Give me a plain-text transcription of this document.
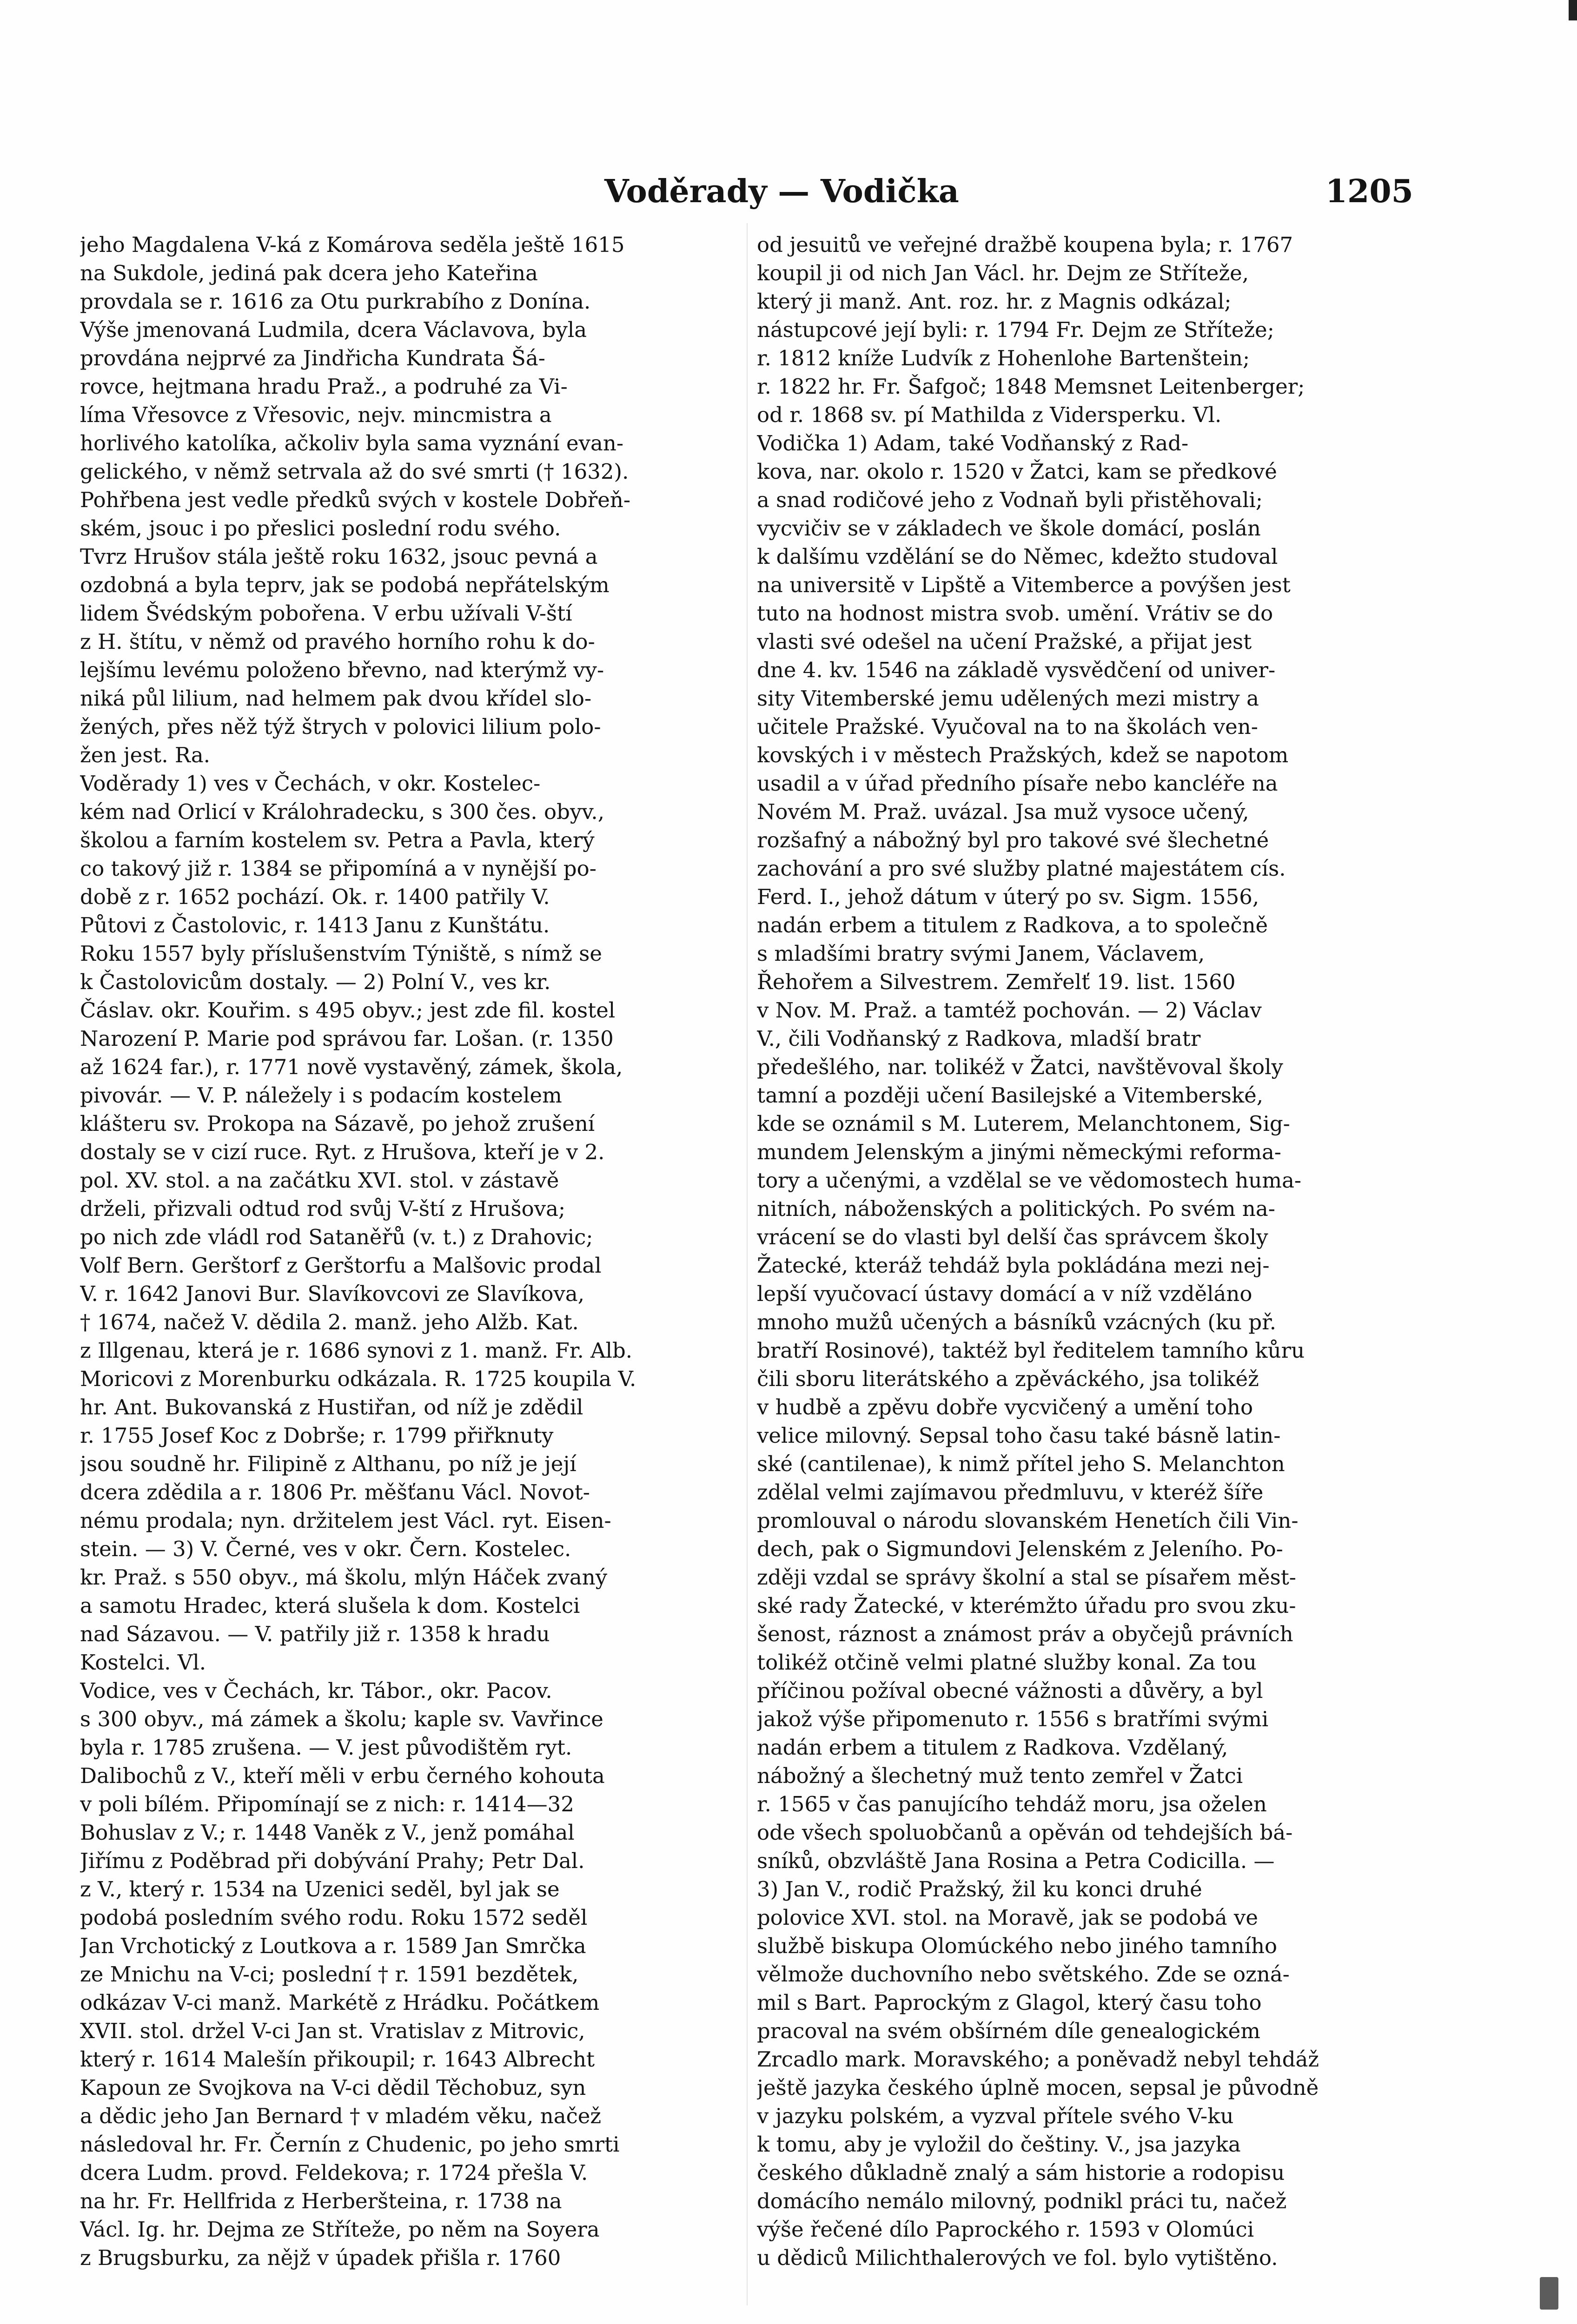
Voděrady — Vodička	1205
jeho Magdalena V-ká z Komárova seděla ještě 1615
na Sukdole, jediná pak dcera jeho Kateřina
provdala se r. 1616 za Otu purkrabího z Donína.
Výše jmenovaná Ludmila, dcera Václavova, byla
provdána nejprvé za Jindřicha Kundrata Šá-
rovce, hejtmana hradu Praž., a podruhé za Vi-
líma Vřesovce z Vřesovic, nejv. mincmistra a
horlivého katolíka, ačkoliv byla sama vyznání evan-
gelického, v němž setrvala až do své smrti († 1632).
Pohřbena jest vedle předků svých v kostele Dobřeň-
ském, jsouc i po přeslici poslední rodu svého.
Tvrz Hrušov stála ještě roku 1632, jsouc pevná a
ozdobná a byla teprv, jak se podobá nepřátelským
lidem Švédským pobořena. V erbu užívali V-ští
z H. štítu, v němž od pravého horního rohu k do-
lejšímu levému položeno břevno, nad kterýmž vy-
niká půl lilium, nad helmem pak dvou křídel slo-
žených, přes něž týž štrych v polovici lilium polo-
žen jest. Ra.
Voděrady 1) ves v Čechách, v okr. Kostelec-
kém nad Orlicí v Králohradecku, s 300 čes. obyv.,
školou a farním kostelem sv. Petra a Pavla, který
co takový již r. 1384 se připomíná a v nynější po-
době z r. 1652 pochází. Ok. r. 1400 patřily V.
Půtovi z Častolovic, r. 1413 Janu z Kunštátu.
Roku 1557 byly příslušenstvím Týniště, s nímž se
k Častolovicům dostaly. — 2) Polní V., ves kr.
Čáslav. okr. Kouřim. s 495 obyv.; jest zde fil. kostel
Narození P. Marie pod správou far. Lošan. (r. 1350
až 1624 far.), r. 1771 nově vystavěný, zámek, škola,
pivovár. — V. P. náležely i s podacím kostelem
klášteru sv. Prokopa na Sázavě, po jehož zrušení
dostaly se v cizí ruce. Ryt. z Hrušova, kteří je v 2.
pol. XV. stol. a na začátku XVI. stol. v zástavě
drželi, přizvali odtud rod svůj V-ští z Hrušova;
po nich zde vládl rod Sataněřů (v. t.) z Drahovic;
Volf Bern. Gerštorf z Gerštorfu a Malšovic prodal
V. r. 1642 Janovi Bur. Slavíkovcovi ze Slavíkova,
† 1674, načež V. dědila 2. manž. jeho Alžb. Kat.
z Illgenau, která je r. 1686 synovi z 1. manž. Fr. Alb.
Moricovi z Morenburku odkázala. R. 1725 koupila V.
hr. Ant. Bukovanská z Hustiřan, od níž je zdědil
r. 1755 Josef Koc z Dobrše; r. 1799 přiřknuty
jsou soudně hr. Filipině z Althanu, po níž je její
dcera zdědila a r. 1806 Pr. měšťanu Václ. Novot-
nému prodala; nyn. držitelem jest Václ. ryt. Eisen-
stein. — 3) V. Černé, ves v okr. Čern. Kostelec.
kr. Praž. s 550 obyv., má školu, mlýn Háček zvaný
a samotu Hradec, která slušela k dom. Kostelci
nad Sázavou. — V. patřily již r. 1358 k hradu
Kostelci. Vl.
Vodice, ves v Čechách, kr. Tábor., okr. Pacov.
s 300 obyv., má zámek a školu; kaple sv. Vavřince
byla r. 1785 zrušena. — V. jest původištěm ryt.
Dalibochů z V., kteří měli v erbu černého kohouta
v poli bílém. Připomínají se z nich: r. 1414—32
Bohuslav z V.; r. 1448 Vaněk z V., jenž pomáhal
Jiřímu z Poděbrad při dobývání Prahy; Petr Dal.
z V., který r. 1534 na Uzenici seděl, byl jak se
podobá posledním svého rodu. Roku 1572 seděl
Jan Vrchotický z Loutkova a r. 1589 Jan Smrčka
ze Mnichu na V-ci; poslední † r. 1591 bezdětek,
odkázav V-ci manž. Markétě z Hrádku. Počátkem
XVII. stol. držel V-ci Jan st. Vratislav z Mitrovic,
který r. 1614 Malešín přikoupil; r. 1643 Albrecht
Kapoun ze Svojkova na V-ci dědil Těchobuz, syn
a dědic jeho Jan Bernard † v mladém věku, načež
následoval hr. Fr. Černín z Chudenic, po jeho smrti
dcera Ludm. provd. Feldekova; r. 1724 přešla V.
na hr. Fr. Hellfrida z Herberšteina, r. 1738 na
Václ. Ig. hr. Dejma ze Stříteže, po něm na Soyera
z Brugsburku, za nějž v úpadek přišla r. 1760
od jesuitů ve veřejné dražbě koupena byla; r. 1767
koupil ji od nich Jan Václ. hr. Dejm ze Stříteže,
který ji manž. Ant. roz. hr. z Magnis odkázal;
nástupcové její byli: r. 1794 Fr. Dejm ze Stříteže;
r. 1812 kníže Ludvík z Hohenlohe Bartenštein;
r. 1822 hr. Fr. Šafgoč; 1848 Memsnet Leitenberger;
od r. 1868 sv. pí Mathilda z Vidersperku. Vl.
Vodička 1) Adam, také Vodňanský z Rad-
kova, nar. okolo r. 1520 v Žatci, kam se předkové
a snad rodičové jeho z Vodnaň byli přistěhovali;
vycvičiv se v základech ve škole domácí, poslán
k dalšímu vzdělání se do Němec, kdežto studoval
na universitě v Lipště a Vitemberce a povýšen jest
tuto na hodnost mistra svob. umění. Vrátiv se do
vlasti své odešel na učení Pražské, a přijat jest
dne 4. kv. 1546 na základě vysvědčení od univer-
sity Vitemberské jemu udělených mezi mistry a
učitele Pražské. Vyučoval na to na školách ven-
kovských i v městech Pražských, kdež se napotom
usadil a v úřad předního písaře nebo kancléře na
Novém M. Praž. uvázal. Jsa muž vysoce učený,
rozšafný a nábožný byl pro takové své šlechetné
zachování a pro své služby platné majestátem cís.
Ferd. I., jehož dátum v úterý po sv. Sigm. 1556,
nadán erbem a titulem z Radkova, a to společně
s mladšími bratry svými Janem, Václavem,
Řehořem a Silvestrem. Zemřelť 19. list. 1560
v Nov. M. Praž. a tamtéž pochován. — 2) Václav
V., čili Vodňanský z Radkova, mladší bratr
předešlého, nar. tolikéž v Žatci, navštěvoval školy
tamní a později učení Basilejské a Vitemberské,
kde se oznámil s M. Luterem, Melanchtonem, Sig-
mundem Jelenským a jinými německými reforma-
tory a učenými, a vzdělal se ve vědomostech huma-
nitních, náboženských a politických. Po svém na-
vrácení se do vlasti byl delší čas správcem školy
Žatecké, kteráž tehdáž byla pokládána mezi nej-
lepší vyučovací ústavy domácí a v níž vzděláno
mnoho mužů učených a básníků vzácných (ku př.
bratří Rosinové), taktéž byl ředitelem tamního kůru
čili sboru literátského a zpěváckého, jsa tolikéž
v hudbě a zpěvu dobře vycvičený a umění toho
velice milovný. Sepsal toho času také básně latin-
ské (cantilenae), k nimž přítel jeho S. Melanchton
zdělal velmi zajímavou předmluvu, v kteréž šíře
promlouval o národu slovanském Henetích čili Vin-
dech, pak o Sigmundovi Jelenském z Jeleního. Po-
zději vzdal se správy školní a stal se písařem měst-
ské rady Žatecké, v kterémžto úřadu pro svou zku-
šenost, ráznost a známost práv a obyčejů právních
tolikéž otčině velmi platné služby konal. Za tou
příčinou požíval obecné vážnosti a důvěry, a byl
jakož výše připomenuto r. 1556 s bratřími svými
nadán erbem a titulem z Radkova. Vzdělaný,
nábožný a šlechetný muž tento zemřel v Žatci
r. 1565 v čas panujícího tehdáž moru, jsa oželen
ode všech spoluobčanů a opěván od tehdejších bá-
sníků, obzvláště Jana Rosina a Petra Codicilla. —
3) Jan V., rodič Pražský, žil ku konci druhé
polovice XVI. stol. na Moravě, jak se podobá ve
službě biskupa Olomúckého nebo jiného tamního
vělmože duchovního nebo světského. Zde se ozná-
mil s Bart. Paprockým z Glagol, který času toho
pracoval na svém obšírném díle genealogickém
Zrcadlo mark. Moravského; a poněvadž nebyl tehdáž
ještě jazyka českého úplně mocen, sepsal je původně
v jazyku polském, a vyzval přítele svého V-ku
k tomu, aby je vyložil do češtiny. V., jsa jazyka
českého důkladně znalý a sám historie a rodopisu
domácího nemálo milovný, podnikl práci tu, načež
výše řečené dílo Paprockého r. 1593 v Olomúci
u dědiců Milichthalerových ve fol. bylo vytištěno.
